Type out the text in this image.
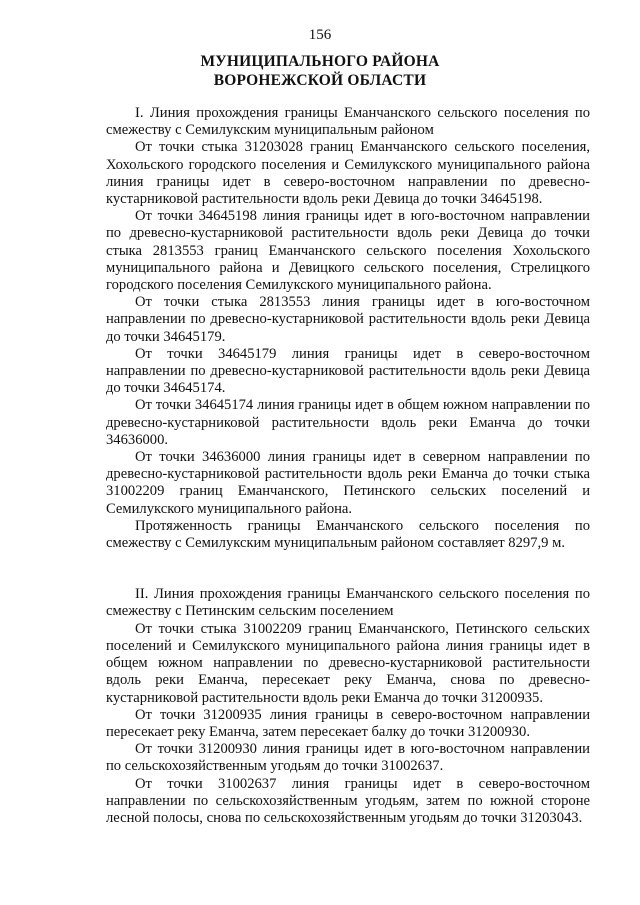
156
МУНИЦИПАЛЬНОГО РАЙОНА
ВОРОНЕЖСКОЙ ОБЛАСТИ

I. Линия прохождения границы Еманчанского сельского поселения по смежеству с Семилукским муниципальным районом

От точки стыка 31203028 границ Еманчанского сельского поселения, Хохольского городского поселения и Семилукского муниципального района линия границы идет в северо-восточном направлении по древесно-кустарниковой растительности вдоль реки Девица до точки 34645198.

От точки 34645198 линия границы идет в юго-восточном направлении по древесно-кустарниковой растительности вдоль реки Девица до точки стыка 2813553 границ Еманчанского сельского поселения Хохольского муниципального района и Девицкого сельского поселения, Стрелицкого городского поселения Семилукского муниципального района.

От точки стыка 2813553 линия границы идет в юго-восточном направлении по древесно-кустарниковой растительности вдоль реки Девица до точки 34645179.

От точки 34645179 линия границы идет в северо-восточном направлении по древесно-кустарниковой растительности вдоль реки Девица до точки 34645174.

От точки 34645174 линия границы идет в общем южном направлении по древесно-кустарниковой растительности вдоль реки Еманча до точки 34636000.

От точки 34636000 линия границы идет в северном направлении по древесно-кустарниковой растительности вдоль реки Еманча до точки стыка 31002209 границ Еманчанского, Петинского сельских поселений и Семилукского муниципального района.

Протяженность границы Еманчанского сельского поселения по смежеству с Семилукским муниципальным районом составляет 8297,9 м.

II. Линия прохождения границы Еманчанского сельского поселения по смежеству с Петинским сельским поселением

От точки стыка 31002209 границ Еманчанского, Петинского сельских поселений и Семилукского муниципального района линия границы идет в общем южном направлении по древесно-кустарниковой растительности вдоль реки Еманча, пересекает реку Еманча, снова по древесно-кустарниковой растительности вдоль реки Еманча до точки 31200935.

От точки 31200935 линия границы в северо-восточном направлении пересекает реку Еманча, затем пересекает балку до точки 31200930.

От точки 31200930 линия границы идет в юго-восточном направлении по сельскохозяйственным угодьям до точки 31002637.

От точки 31002637 линия границы идет в северо-восточном направлении по сельскохозяйственным угодьям, затем по южной стороне лесной полосы, снова по сельскохозяйственным угодьям до точки 31203043.
